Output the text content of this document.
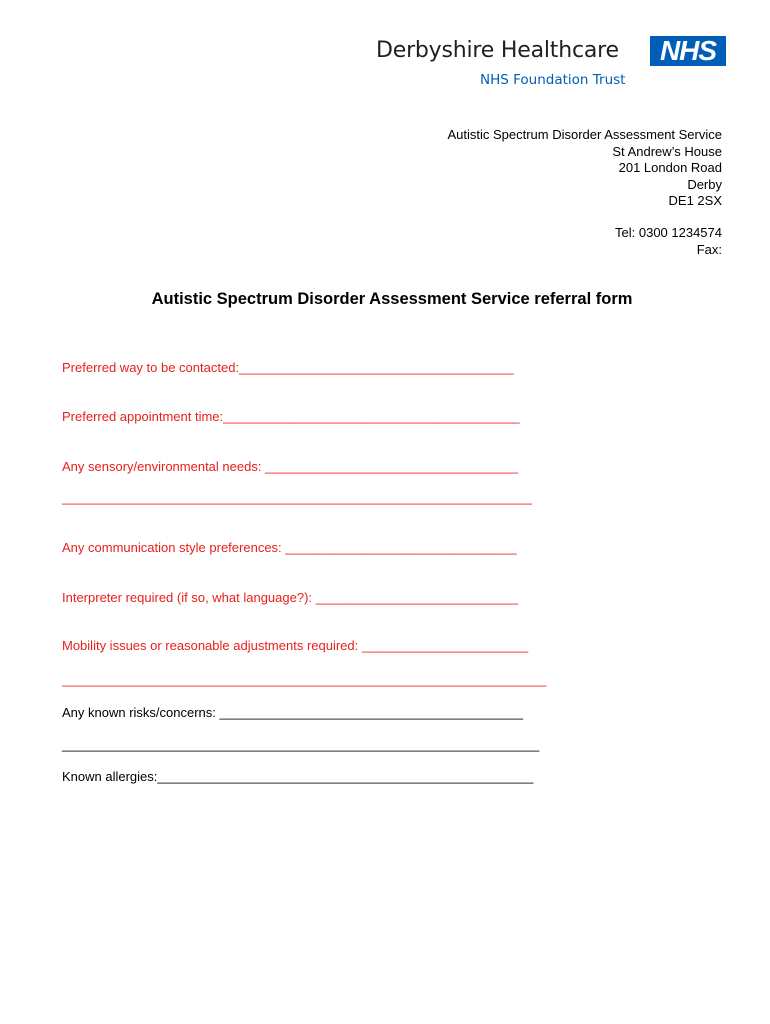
Derbyshire Healthcare	NHS
NHS Foundation Trust
Autistic Spectrum Disorder Assessment Service
St Andrew’s House
201 London Road
Derby
DE1 2SX
Tel: 0300 1234574
Fax:
Autistic Spectrum Disorder Assessment Service referral form
Preferred way to be contacted:______________________________________
Preferred appointment time:_________________________________________
Any sensory/environmental needs: ___________________________________
_________________________________________________________________
Any communication style preferences: ________________________________
Interpreter required (if so, what language?): ____________________________
Mobility issues or reasonable adjustments required: _______________________
___________________________________________________________________
Any known risks/concerns: __________________________________________
__________________________________________________________________
Known allergies:____________________________________________________
